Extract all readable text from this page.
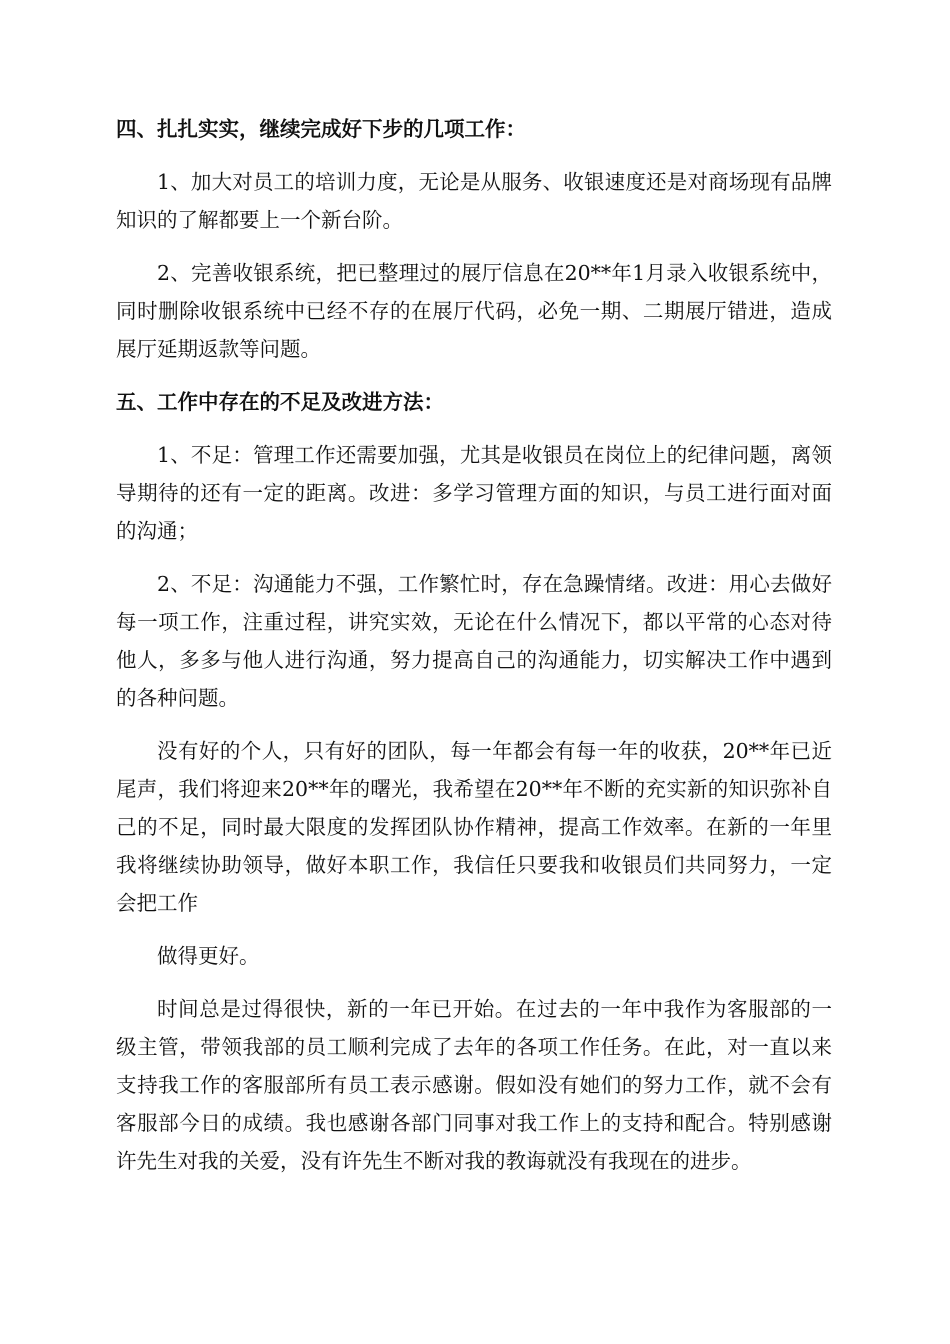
四、扎扎实实，继续完成好下步的几项工作：

1、加大对员工的培训力度，无论是从服务、收银速度还是对商场现有品牌知识的了解都要上一个新台阶。

2、完善收银系统，把已整理过的展厅信息在20**年1月录入收银系统中，同时删除收银系统中已经不存的在展厅代码，必免一期、二期展厅错进，造成展厅延期返款等问题。

五、工作中存在的不足及改进方法：

1、不足：管理工作还需要加强，尤其是收银员在岗位上的纪律问题，离领导期待的还有一定的距离。改进：多学习管理方面的知识，与员工进行面对面的沟通；

2、不足：沟通能力不强，工作繁忙时，存在急躁情绪。改进：用心去做好每一项工作，注重过程，讲究实效，无论在什么情况下，都以平常的心态对待他人，多多与他人进行沟通，努力提高自己的沟通能力，切实解决工作中遇到的各种问题。

没有好的个人，只有好的团队，每一年都会有每一年的收获，20**年已近尾声，我们将迎来20**年的曙光，我希望在20**年不断的充实新的知识弥补自己的不足，同时最大限度的发挥团队协作精神，提高工作效率。在新的一年里我将继续协助领导，做好本职工作，我信任只要我和收银员们共同努力，一定会把工作

做得更好。

时间总是过得很快，新的一年已开始。在过去的一年中我作为客服部的一级主管，带领我部的员工顺利完成了去年的各项工作任务。在此，对一直以来支持我工作的客服部所有员工表示感谢。假如没有她们的努力工作，就不会有客服部今日的成绩。我也感谢各部门同事对我工作上的支持和配合。特别感谢许先生对我的关爱，没有许先生不断对我的教诲就没有我现在的进步。
